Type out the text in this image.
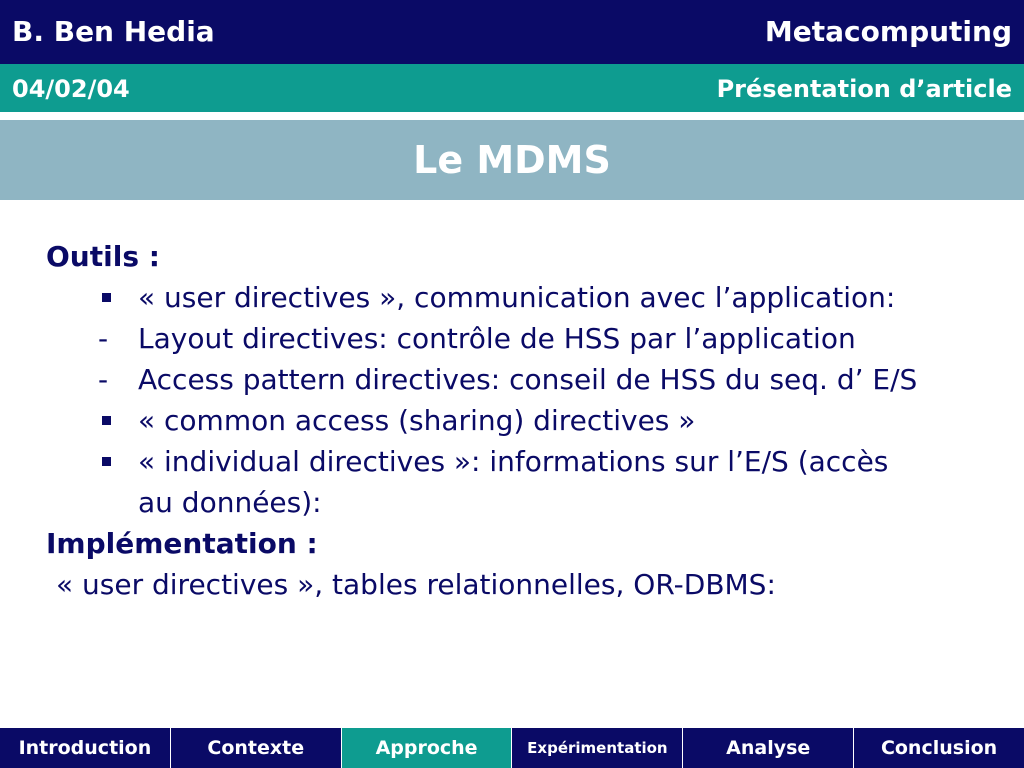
B. Ben Hedia	Metacomputing
04/02/04	Présentation d’article
Le MDMS
Outils :
« user directives », communication avec l’application:
-	Layout directives: contrôle de HSS par l’application
-	Access pattern directives: conseil de HSS du seq. d’ E/S
« common access (sharing) directives »
« individual directives »: informations sur l’E/S (accès au données):
Implémentation :
« user directives », tables relationnelles, OR-DBMS:
Introduction	Contexte	Approche	Expérimentation	Analyse	Conclusion
